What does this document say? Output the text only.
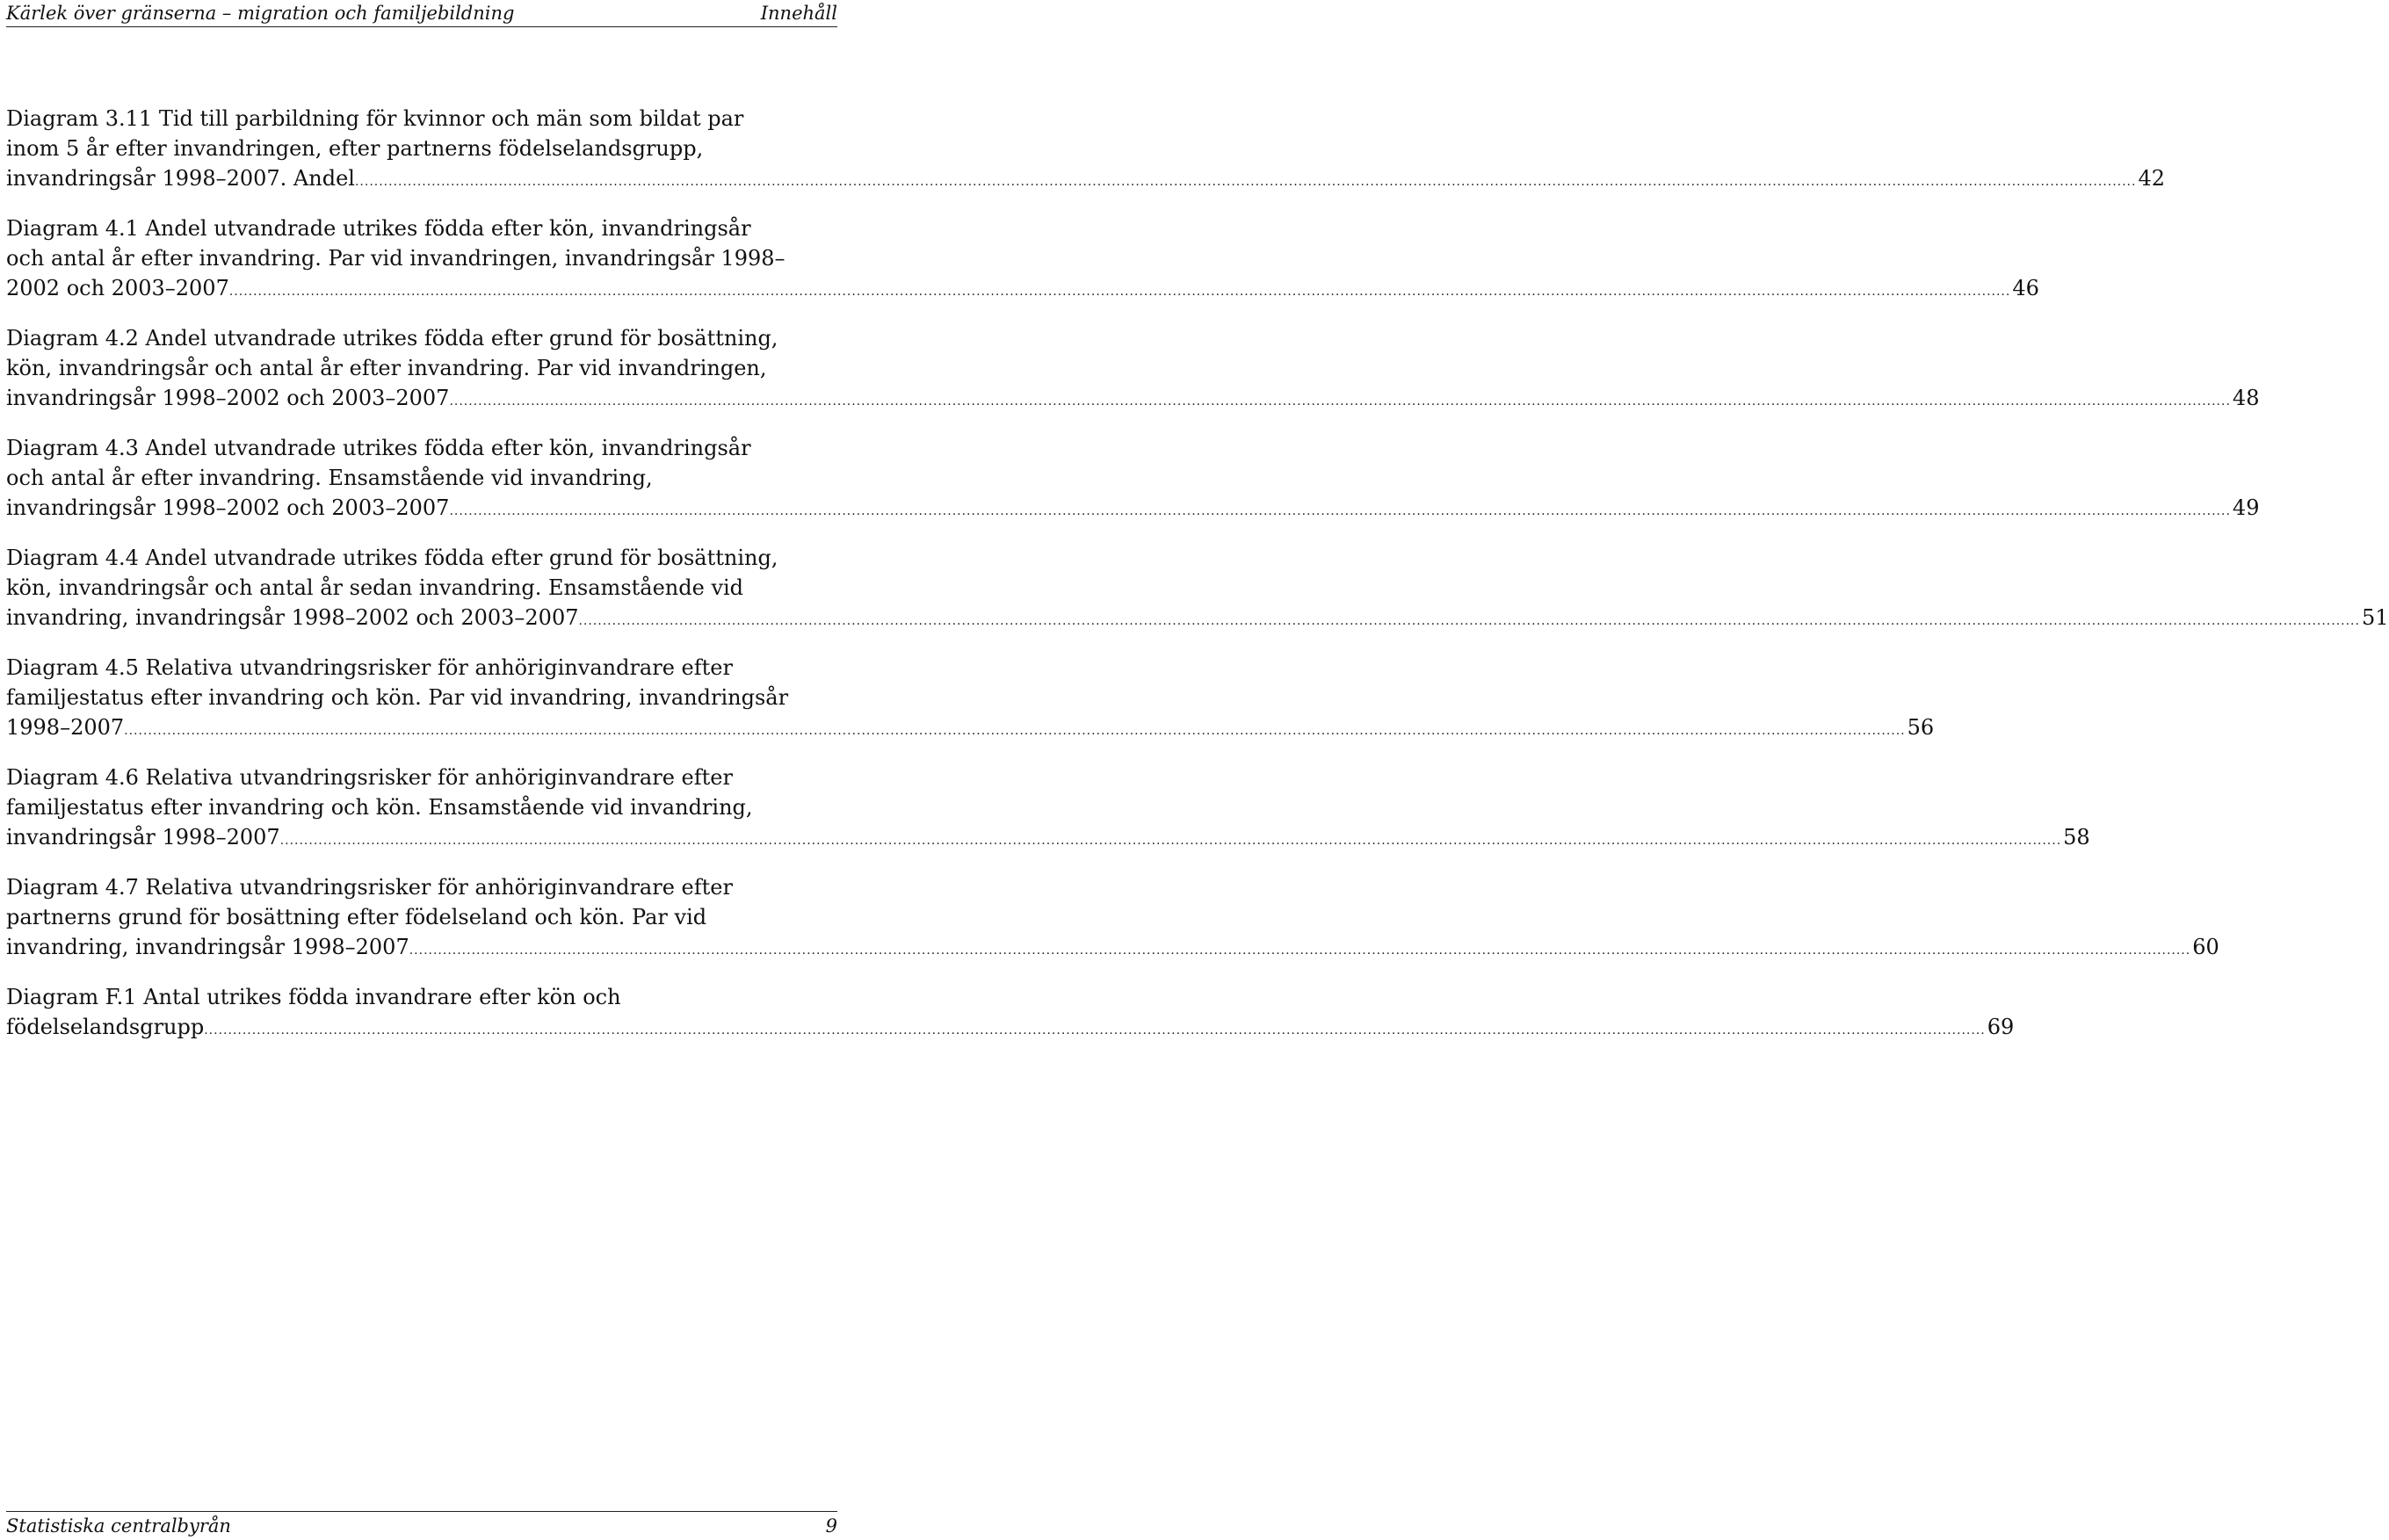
Kärlek över gränserna – migration och familjebildning	Innehåll
Diagram 3.11 Tid till parbildning för kvinnor och män som bildat par
inom 5 år efter invandringen, efter partnerns födelselandsgrupp,
invandringsår 1998–2007. Andel .....	42
Diagram 4.1 Andel utvandrade utrikes födda efter kön, invandringsår
och antal år efter invandring. Par vid invandringen, invandringsår 1998–
2002 och 2003–2007 .....	46
Diagram 4.2 Andel utvandrade utrikes födda efter grund för bosättning,
kön, invandringsår och antal år efter invandring. Par vid invandringen,
invandringsår 1998–2002 och 2003–2007 .....	48
Diagram 4.3 Andel utvandrade utrikes födda efter kön, invandringsår
och antal år efter invandring. Ensamstående vid invandring,
invandringsår 1998–2002 och 2003–2007 .....	49
Diagram 4.4 Andel utvandrade utrikes födda efter grund för bosättning,
kön, invandringsår och antal år sedan invandring. Ensamstående vid
invandring, invandringsår 1998–2002 och 2003–2007 .....	51
Diagram 4.5 Relativa utvandringsrisker för anhöriginvandrare efter
familjestatus efter invandring och kön. Par vid invandring, invandringsår
1998–2007 .....	56
Diagram 4.6 Relativa utvandringsrisker för anhöriginvandrare efter
familjestatus efter invandring och kön. Ensamstående vid invandring,
invandringsår 1998–2007 .....	58
Diagram 4.7 Relativa utvandringsrisker för anhöriginvandrare efter
partnerns grund för bosättning efter födelseland och kön. Par vid
invandring, invandringsår 1998–2007 .....	60
Diagram F.1 Antal utrikes födda invandrare efter kön och
födelselandsgrupp .....	69
Statistiska centralbyrån	9
